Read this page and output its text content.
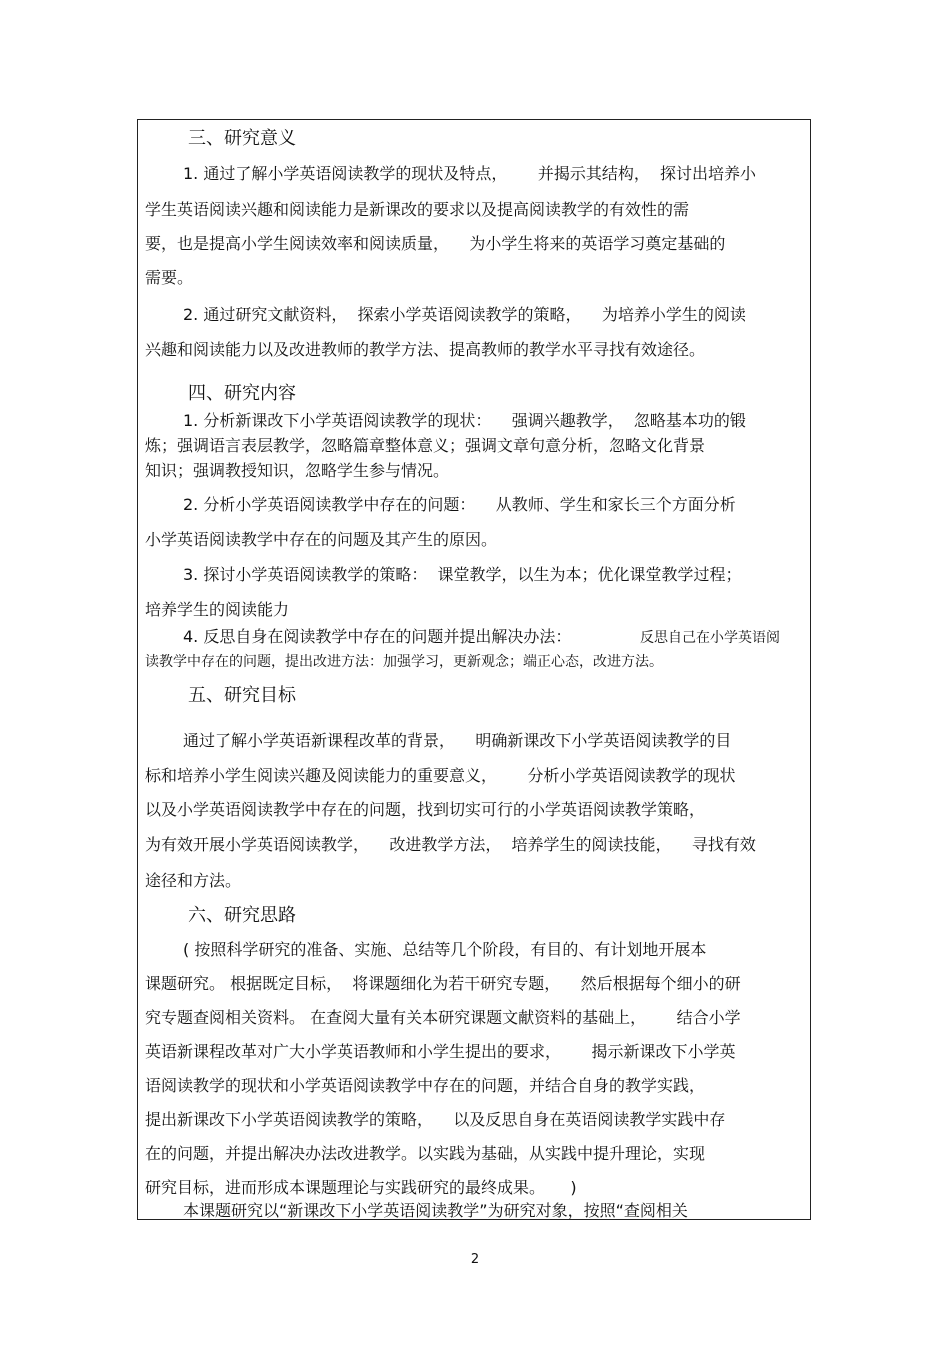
三、研究意义
1. 通过了解小学英语阅读教学的现状及特点，      并揭示其结构，  探讨出培养小
学生英语阅读兴趣和阅读能力是新课改的要求以及提高阅读教学的有效性的需
要，也是提高小学生阅读效率和阅读质量，    为小学生将来的英语学习奠定基础的
需要。
2. 通过研究文献资料，  探索小学英语阅读教学的策略，    为培养小学生的阅读
兴趣和阅读能力以及改进教师的教学方法、提高教师的教学水平寻找有效途径。
四、研究内容
1. 分析新课改下小学英语阅读教学的现状：    强调兴趣教学，  忽略基本功的锻
炼；强调语言表层教学，忽略篇章整体意义；强调文章句意分析，忽略文化背景
知识；强调教授知识，忽略学生参与情况。
2. 分析小学英语阅读教学中存在的问题：    从教师、学生和家长三个方面分析
小学英语阅读教学中存在的问题及其产生的原因。
3. 探讨小学英语阅读教学的策略：  课堂教学，以生为本；优化课堂教学过程；
培养学生的阅读能力
4. 反思自身在阅读教学中存在的问题并提出解决办法：	反思自己在小学英语阅
读教学中存在的问题，提出改进方法：加强学习，更新观念；端正心态，改进方法。
五、研究目标
通过了解小学英语新课程改革的背景，    明确新课改下小学英语阅读教学的目
标和培养小学生阅读兴趣及阅读能力的重要意义，      分析小学英语阅读教学的现状
以及小学英语阅读教学中存在的问题，找到切实可行的小学英语阅读教学策略，
为有效开展小学英语阅读教学，    改进教学方法，  培养学生的阅读技能，    寻找有效
途径和方法。
六、研究思路
( 按照科学研究的准备、实施、总结等几个阶段，有目的、有计划地开展本
课题研究。 根据既定目标，  将课题细化为若干研究专题，    然后根据每个细小的研
究专题查阅相关资料。 在查阅大量有关本研究课题文献资料的基础上，      结合小学
英语新课程改革对广大小学英语教师和小学生提出的要求，      揭示新课改下小学英
语阅读教学的现状和小学英语阅读教学中存在的问题，并结合自身的教学实践，
提出新课改下小学英语阅读教学的策略，    以及反思自身在英语阅读教学实践中存
在的问题，并提出解决办法改进教学。以实践为基础，从实践中提升理论，实现
研究目标，进而形成本课题理论与实践研究的最终成果。     )
本课题研究以“新课改下小学英语阅读教学”为研究对象，按照“查阅相关
2
